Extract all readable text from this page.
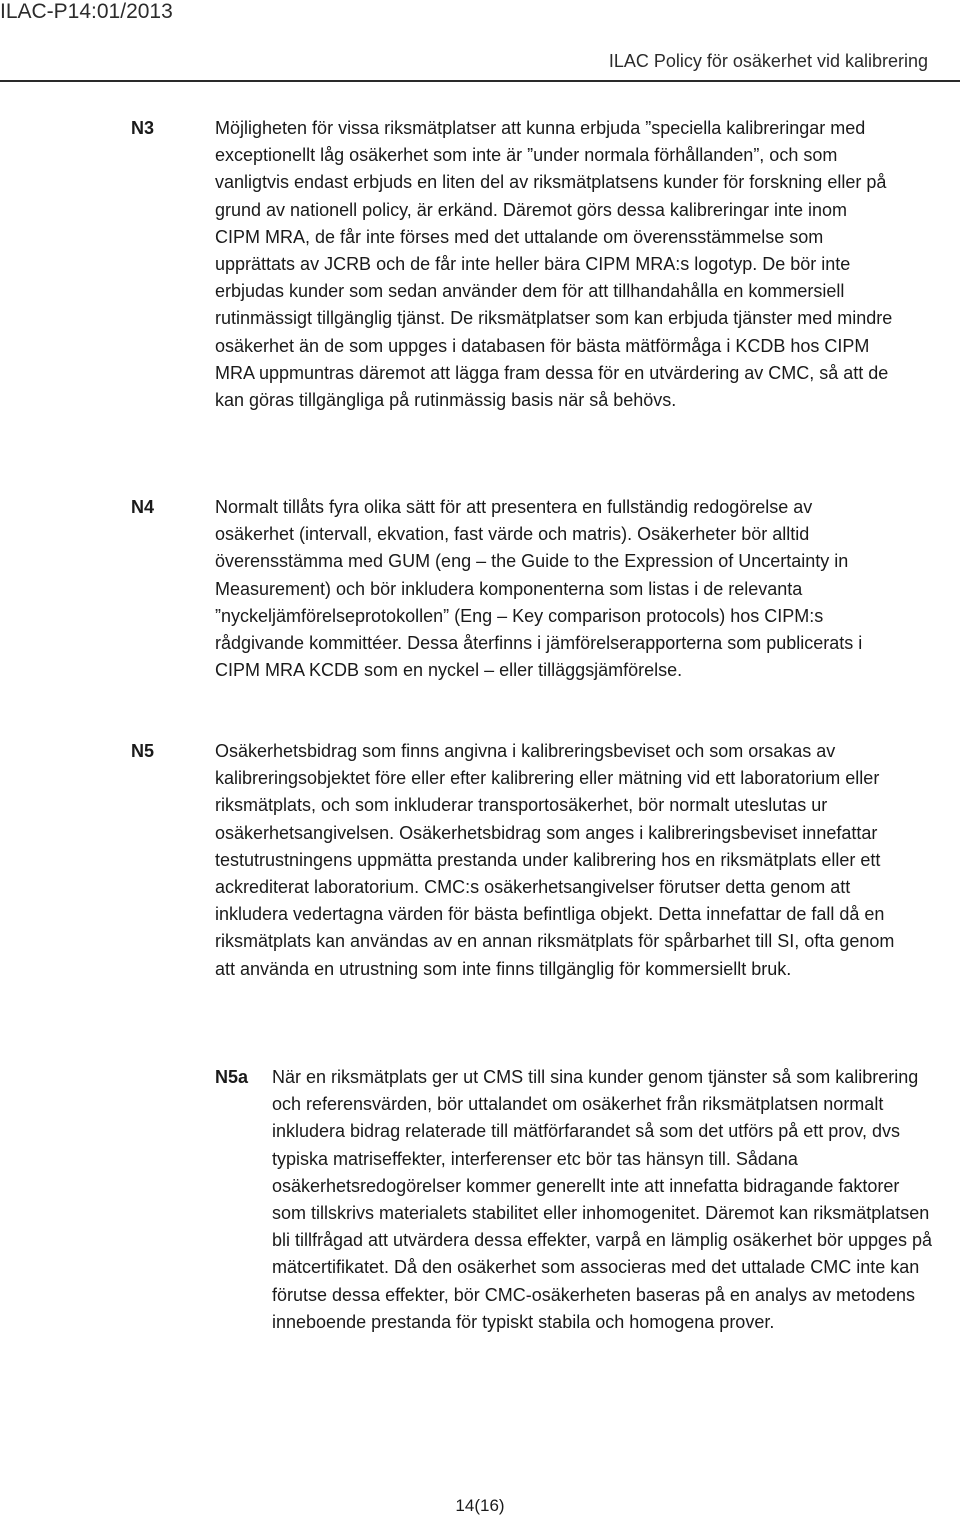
ILAC-P14:01/2013
ILAC Policy för osäkerhet vid kalibrering
N3	Möjligheten för vissa riksmätplatser att kunna erbjuda ”speciella kalibreringar med exceptionellt låg osäkerhet som inte är ”under normala förhållanden”, och som vanligtvis endast erbjuds en liten del av riksmätplatsens kunder för forskning eller på grund av nationell policy, är erkänd. Däremot görs dessa kalibreringar inte inom CIPM MRA, de får inte förses med det uttalande om överensstämmelse som upprättats av JCRB och de får inte heller bära CIPM MRA:s logotyp. De bör inte erbjudas kunder som sedan använder dem för att tillhandahålla en kommersiell rutinmässigt tillgänglig tjänst. De riksmätplatser som kan erbjuda tjänster med mindre osäkerhet än de som uppges i databasen för bästa mätförmåga i KCDB hos CIPM MRA uppmuntras däremot att lägga fram dessa för en utvärdering av CMC, så att de kan göras tillgängliga på rutinmässig basis när så behövs.

N4	Normalt tillåts fyra olika sätt för att presentera en fullständig redogörelse av osäkerhet (intervall, ekvation, fast värde och matris). Osäkerheter bör alltid överensstämma med GUM (eng – the Guide to the Expression of Uncertainty in Measurement) och bör inkludera komponenterna som listas i de relevanta ”nyckeljämförelseprotokollen” (Eng – Key comparison protocols) hos CIPM:s rådgivande kommittéer. Dessa återfinns i jämförelserapporterna som publicerats i CIPM MRA KCDB som en nyckel – eller tilläggsjämförelse.

N5	Osäkerhetsbidrag som finns angivna i kalibreringsbeviset och som orsakas av kalibreringsobjektet före eller efter kalibrering eller mätning vid ett laboratorium eller riksmätplats, och som inkluderar transportosäkerhet, bör normalt uteslutas ur osäkerhetsangivelsen. Osäkerhetsbidrag som anges i kalibreringsbeviset innefattar testutrustningens uppmätta prestanda under kalibrering hos en riksmätplats eller ett ackrediterat laboratorium. CMC:s osäkerhetsangivelser förutser detta genom att inkludera vedertagna värden för bästa befintliga objekt. Detta innefattar de fall då en riksmätplats kan användas av en annan riksmätplats för spårbarhet till SI, ofta genom att använda en utrustning som inte finns tillgänglig för kommersiellt bruk.

N5a När en riksmätplats ger ut CMS till sina kunder genom tjänster så som kalibrering och referensvärden, bör uttalandet om osäkerhet från riksmätplatsen normalt inkludera bidrag relaterade till mätförfarandet så som det utförs på ett prov, dvs typiska matriseffekter, interferenser etc bör tas hänsyn till. Sådana osäkerhetsredogörelser kommer generellt inte att innefatta bidragande faktorer som tillskrivs materialets stabilitet eller inhomogenitet. Däremot kan riksmätplatsen bli tillfrågad att utvärdera dessa effekter, varpå en lämplig osäkerhet bör uppges på mätcertifikatet. Då den osäkerhet som associeras med det uttalade CMC inte kan förutse dessa effekter, bör CMC-osäkerheten baseras på en analys av metodens inneboende prestanda för typiskt stabila och homogena prover.

14(16)
